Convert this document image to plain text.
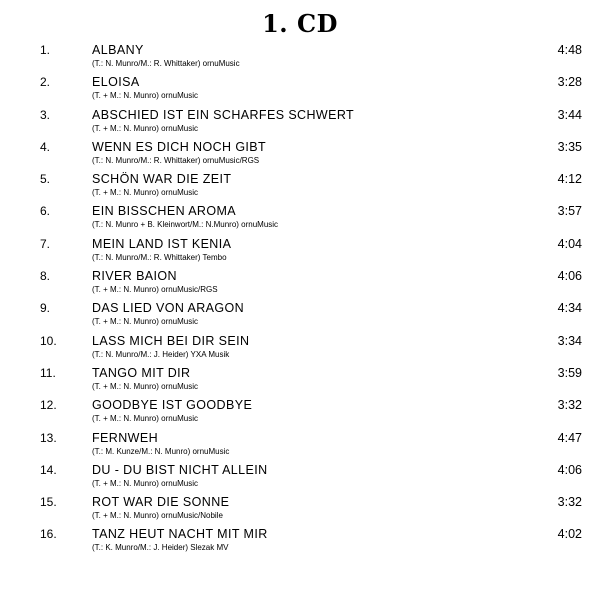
1. CD
1.	ALBANY
(T.: N. Munro/M.: R. Whittaker) ornuMusic
4:48
2.	ELOISA
(T. + M.: N. Munro) ornuMusic
3:28
3.	ABSCHIED IST EIN SCHARFES SCHWERT
(T. + M.: N. Munro) ornuMusic
3:44
4.	WENN ES DICH NOCH GIBT
(T.: N. Munro/M.: R. Whittaker) ornuMusic/RGS
3:35
5.	SCHÖN WAR DIE ZEIT
(T. + M.: N. Munro) ornuMusic
4:12
6.	EIN BISSCHEN AROMA
(T.: N. Munro + B. Kleinwort/M.: N.Munro) ornuMusic
3:57
7.	MEIN LAND IST KENIA
(T.: N. Munro/M.: R. Whittaker) Tembo
4:04
8.	RIVER BAION
(T. + M.: N. Munro) ornuMusic/RGS
4:06
9.	DAS LIED VON ARAGON
(T. + M.: N. Munro) ornuMusic
4:34
10.	LASS MICH BEI DIR SEIN
(T.: N. Munro/M.: J. Heider) YXA Musik
3:34
11.	TANGO MIT DIR
(T. + M.: N. Munro) ornuMusic
3:59
12.	GOODBYE IST GOODBYE
(T. + M.: N. Munro) ornuMusic
3:32
13.	FERNWEH
(T.: M. Kunze/M.: N. Munro) ornuMusic
4:47
14.	DU - DU BIST NICHT ALLEIN
(T. + M.: N. Munro) ornuMusic
4:06
15.	ROT WAR DIE SONNE
(T. + M.: N. Munro) ornuMusic/Nobile
3:32
16.	TANZ HEUT NACHT MIT MIR
(T.: K. Munro/M.: J. Heider) Slezak MV
4:02
